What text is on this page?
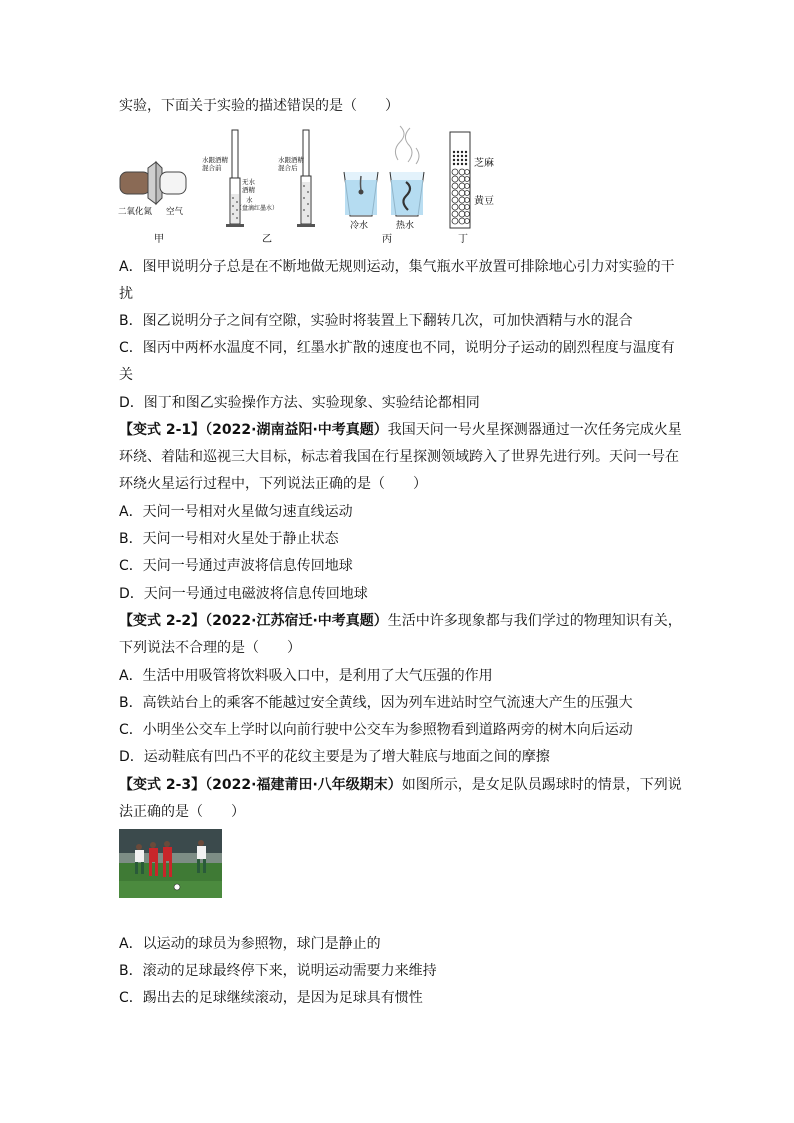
实验，下面关于实验的描述错误的是（　　）
二氧化氮 空气
甲
水跟酒精
混合前
水跟酒精
混合后
无水
酒精
水
（盘滴红墨水）
乙
冷水	热水
丙
芝麻
黄豆
丁
A．图甲说明分子总是在不断地做无规则运动，集气瓶水平放置可排除地心引力对实验的干
扰
B．图乙说明分子之间有空隙，实验时将装置上下翻转几次，可加快酒精与水的混合
C．图丙中两杯水温度不同，红墨水扩散的速度也不同，说明分子运动的剧烈程度与温度有
关
D．图丁和图乙实验操作方法、实验现象、实验结论都相同
【变式 2-1】（2022·湖南益阳·中考真题）我国天问一号火星探测器通过一次任务完成火星
环绕、着陆和巡视三大目标，标志着我国在行星探测领域跨入了世界先进行列。天问一号在
环绕火星运行过程中，下列说法正确的是（　　）
A．天问一号相对火星做匀速直线运动
B．天问一号相对火星处于静止状态
C．天问一号通过声波将信息传回地球
D．天问一号通过电磁波将信息传回地球
【变式 2-2】（2022·江苏宿迁·中考真题）生活中许多现象都与我们学过的物理知识有关，
下列说法不合理的是（　　）
A．生活中用吸管将饮料吸入口中，是利用了大气压强的作用
B．高铁站台上的乘客不能越过安全黄线，因为列车进站时空气流速大产生的压强大
C．小明坐公交车上学时以向前行驶中公交车为参照物看到道路两旁的树木向后运动
D．运动鞋底有凹凸不平的花纹主要是为了增大鞋底与地面之间的摩擦
【变式 2-3】（2022·福建莆田·八年级期末）如图所示，是女足队员踢球时的情景，下列说
法正确的是（　　）
A．以运动的球员为参照物，球门是静止的
B．滚动的足球最终停下来，说明运动需要力来维持
C．踢出去的足球继续滚动，是因为足球具有惯性
